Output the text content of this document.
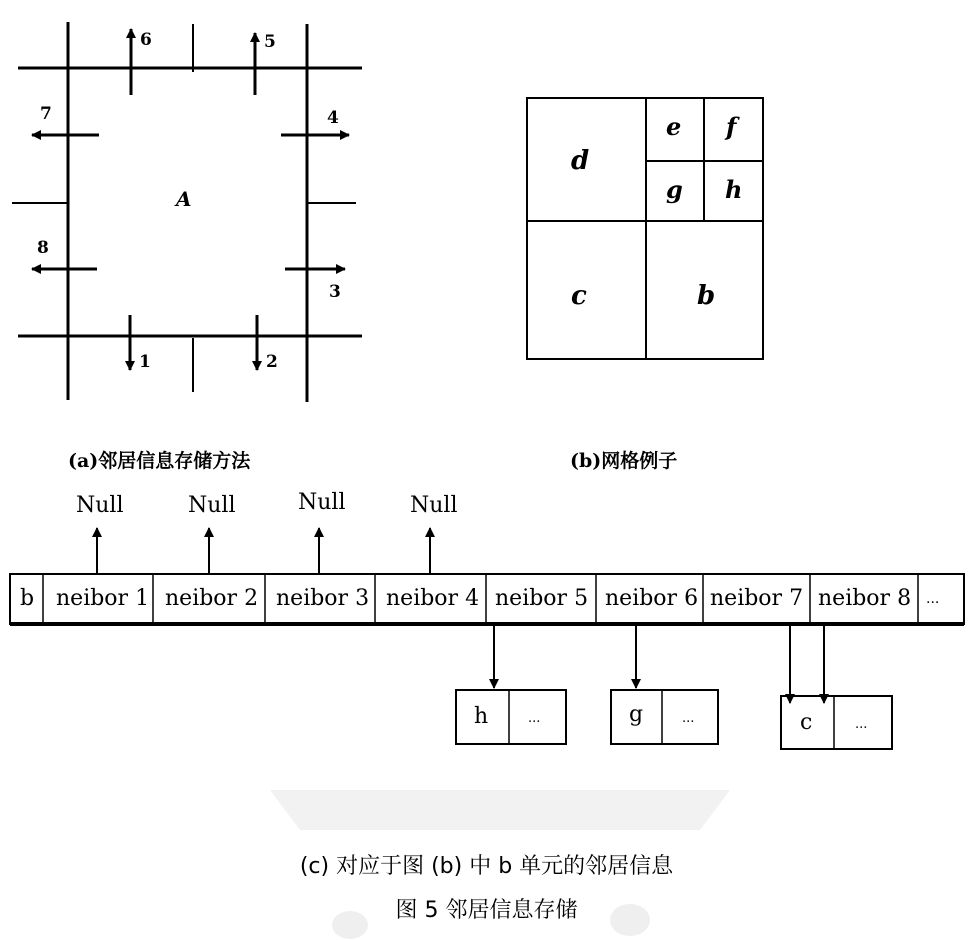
A
1	2
3
4
5
6
7
8
(a)邻居信息存储方法
d
e f
g h
c	b
(b)网格例子
Null	Null	Null	Null
b neibor 1 neibor 2 neibor 3 neibor 4 neibor 5 neibor 6 neibor 7 neibor 8 ...
h	...	g	...	c	...
(c) 对应于图 (b) 中 b 单元的邻居信息
图 5 邻居信息存储
